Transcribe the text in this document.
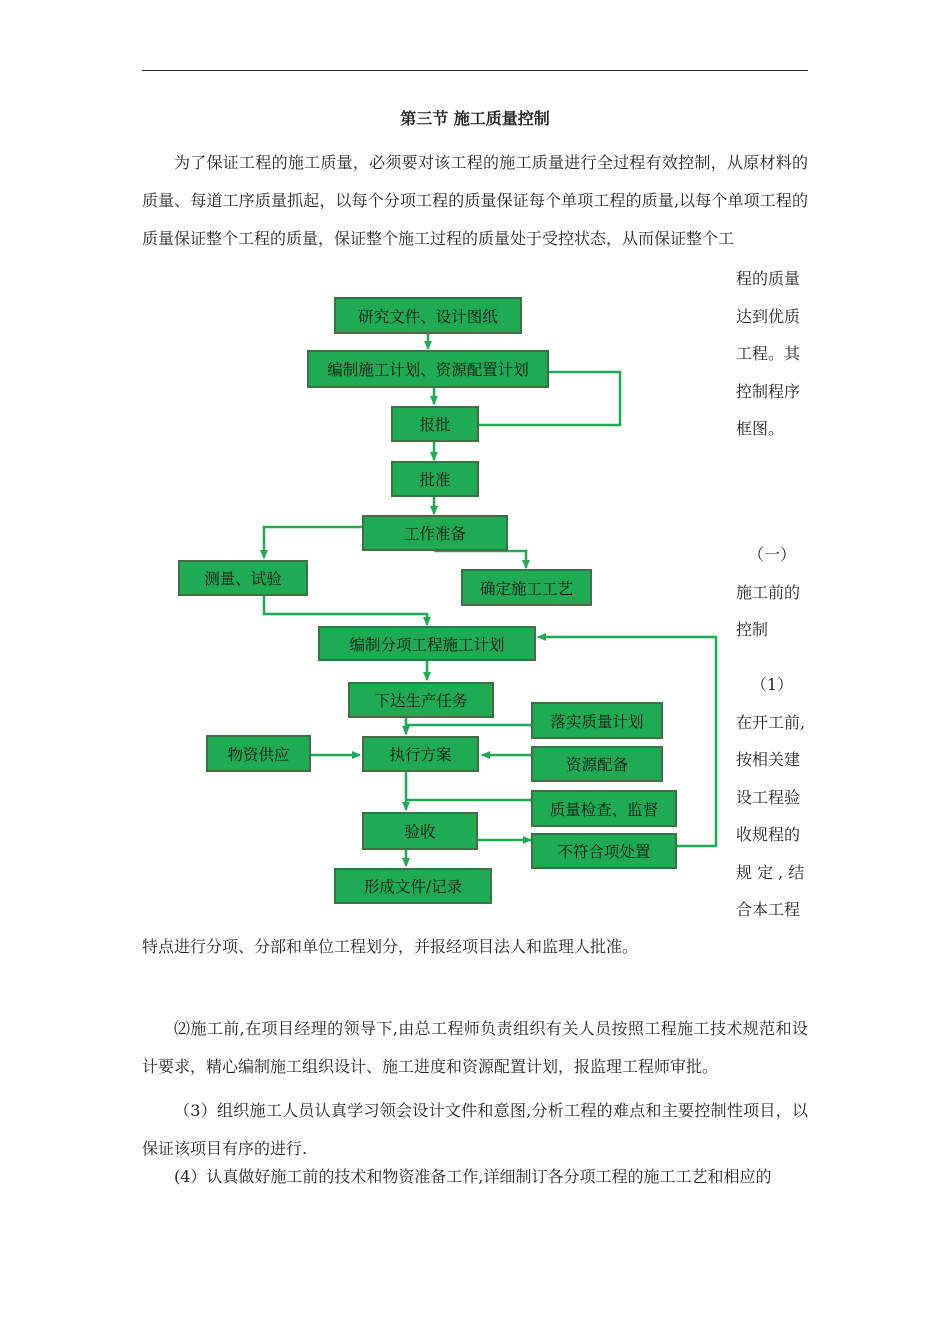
第三节 施工质量控制

为了保证工程的施工质量，必须要对该工程的施工质量进行全过程有效控制，从原材料的质量、每道工序质量抓起，以每个分项工程的质量保证每个单项工程的质量,以每个单项工程的质量保证整个工程的质量，保证整个施工过程的质量处于受控状态，从而保证整个工

程的质量
达到优质
工程。其
控制程序
框图。
（一）
施工前的
控制
（1）
在开工前,
按相关建
设工程验
收规程的
规 定 , 结
合本工程

特点进行分项、分部和单位工程划分，并报经项目法人和监理人批准。

⑵施工前,在项目经理的领导下,由总工程师负责组织有关人员按照工程施工技术规范和设计要求，精心编制施工组织设计、施工进度和资源配置计划，报监理工程师审批。

（3）组织施工人员认真学习领会设计文件和意图,分析工程的难点和主要控制性项目，以保证该项目有序的进行.

(4）认真做好施工前的技术和物资准备工作,详细制订各分项工程的施工工艺和相应的

研究文件、设计图纸
编制施工计划、资源配置计划
报批
批准
工作准备
测量、试验
确定施工工艺
编制分项工程施工计划
下达生产任务
落实质量计划
物资供应	执行方案
资源配备
质量检查、监督
验收
不符合项处置
形成文件/记录
